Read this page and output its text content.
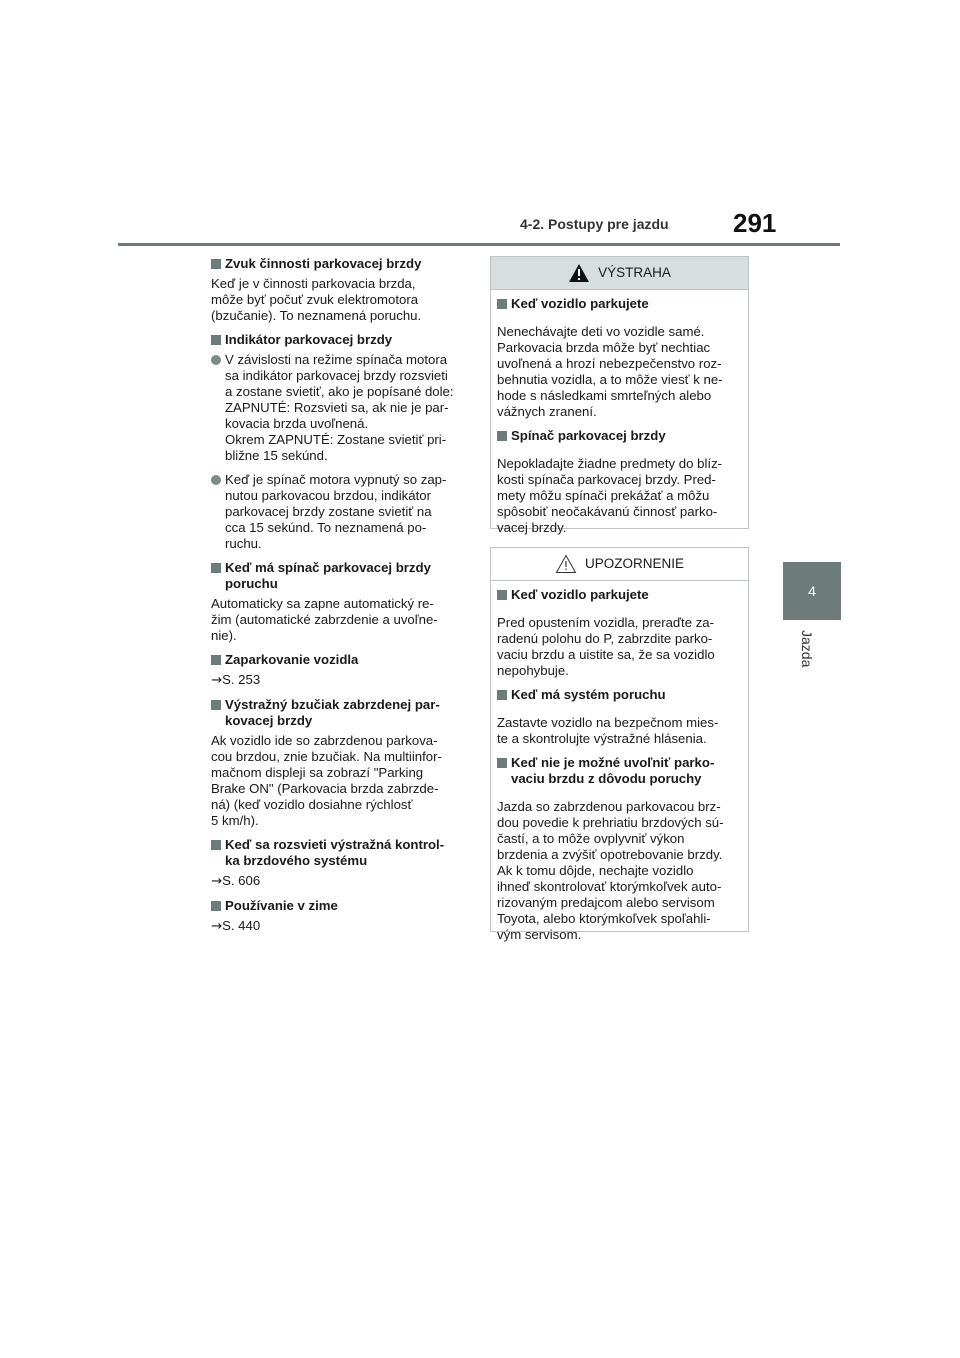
4-2. Postupy pre jazdu 291
4
Jazda
Zvuk činnosti parkovacej brzdy
Keď je v činnosti parkovacia brzda,
môže byť počuť zvuk elektromotora
(bzučanie). To neznamená poruchu.
Indikátor parkovacej brzdy
V závislosti na režime spínača motora
sa indikátor parkovacej brzdy rozsvieti
a zostane svietiť, ako je popísané dole:
ZAPNUTÉ: Rozsvieti sa, ak nie je par-
kovacia brzda uvoľnená.
Okrem ZAPNUTÉ: Zostane svietiť pri-
bližne 15 sekúnd.
Keď je spínač motora vypnutý so zap-
nutou parkovacou brzdou, indikátor
parkovacej brzdy zostane svietiť na
cca 15 sekúnd. To neznamená po-
ruchu.
Keď má spínač parkovacej brzdy
poruchu
Automaticky sa zapne automatický re-
žim (automatické zabrzdenie a uvoľne-
nie).
Zaparkovanie vozidla
→S. 253
Výstražný bzučiak zabrzdenej par-
kovacej brzdy
Ak vozidlo ide so zabrzdenou parkova-
cou brzdou, znie bzučiak. Na multiinfor-
mačnom displeji sa zobrazí "Parking
Brake ON" (Parkovacia brzda zabrzde-
ná) (keď vozidlo dosiahne rýchlosť
5 km/h).
Keď sa rozsvieti výstražná kontrol-
ka brzdového systému
→S. 606
Používanie v zime
→S. 440
VÝSTRAHA
Keď vozidlo parkujete
Nenechávajte deti vo vozidle samé.
Parkovacia brzda môže byť nechtiac
uvoľnená a hrozí nebezpečenstvo roz-
behnutia vozidla, a to môže viesť k ne-
hode s následkami smrteľných alebo
vážnych zranení.
Spínač parkovacej brzdy
Nepokladajte žiadne predmety do blíz-
kosti spínača parkovacej brzdy. Pred-
mety môžu spínači prekážať a môžu
spôsobiť neočakávanú činnosť parko-
vacej brzdy.
UPOZORNENIE
Keď vozidlo parkujete
Pred opustením vozidla, preraďte za-
radenú polohu do P, zabrzdite parko-
vaciu brzdu a uistite sa, že sa vozidlo
nepohybuje.
Keď má systém poruchu
Zastavte vozidlo na bezpečnom mies-
te a skontrolujte výstražné hlásenia.
Keď nie je možné uvoľniť parko-
vaciu brzdu z dôvodu poruchy
Jazda so zabrzdenou parkovacou brz-
dou povedie k prehriatiu brzdových sú-
častí, a to môže ovplyvniť výkon
brzdenia a zvýšiť opotrebovanie brzdy.
Ak k tomu dôjde, nechajte vozidlo
ihneď skontrolovať ktorýmkoľvek auto-
rizovaným predajcom alebo servisom
Toyota, alebo ktorýmkoľvek spoľahli-
vým servisom.
